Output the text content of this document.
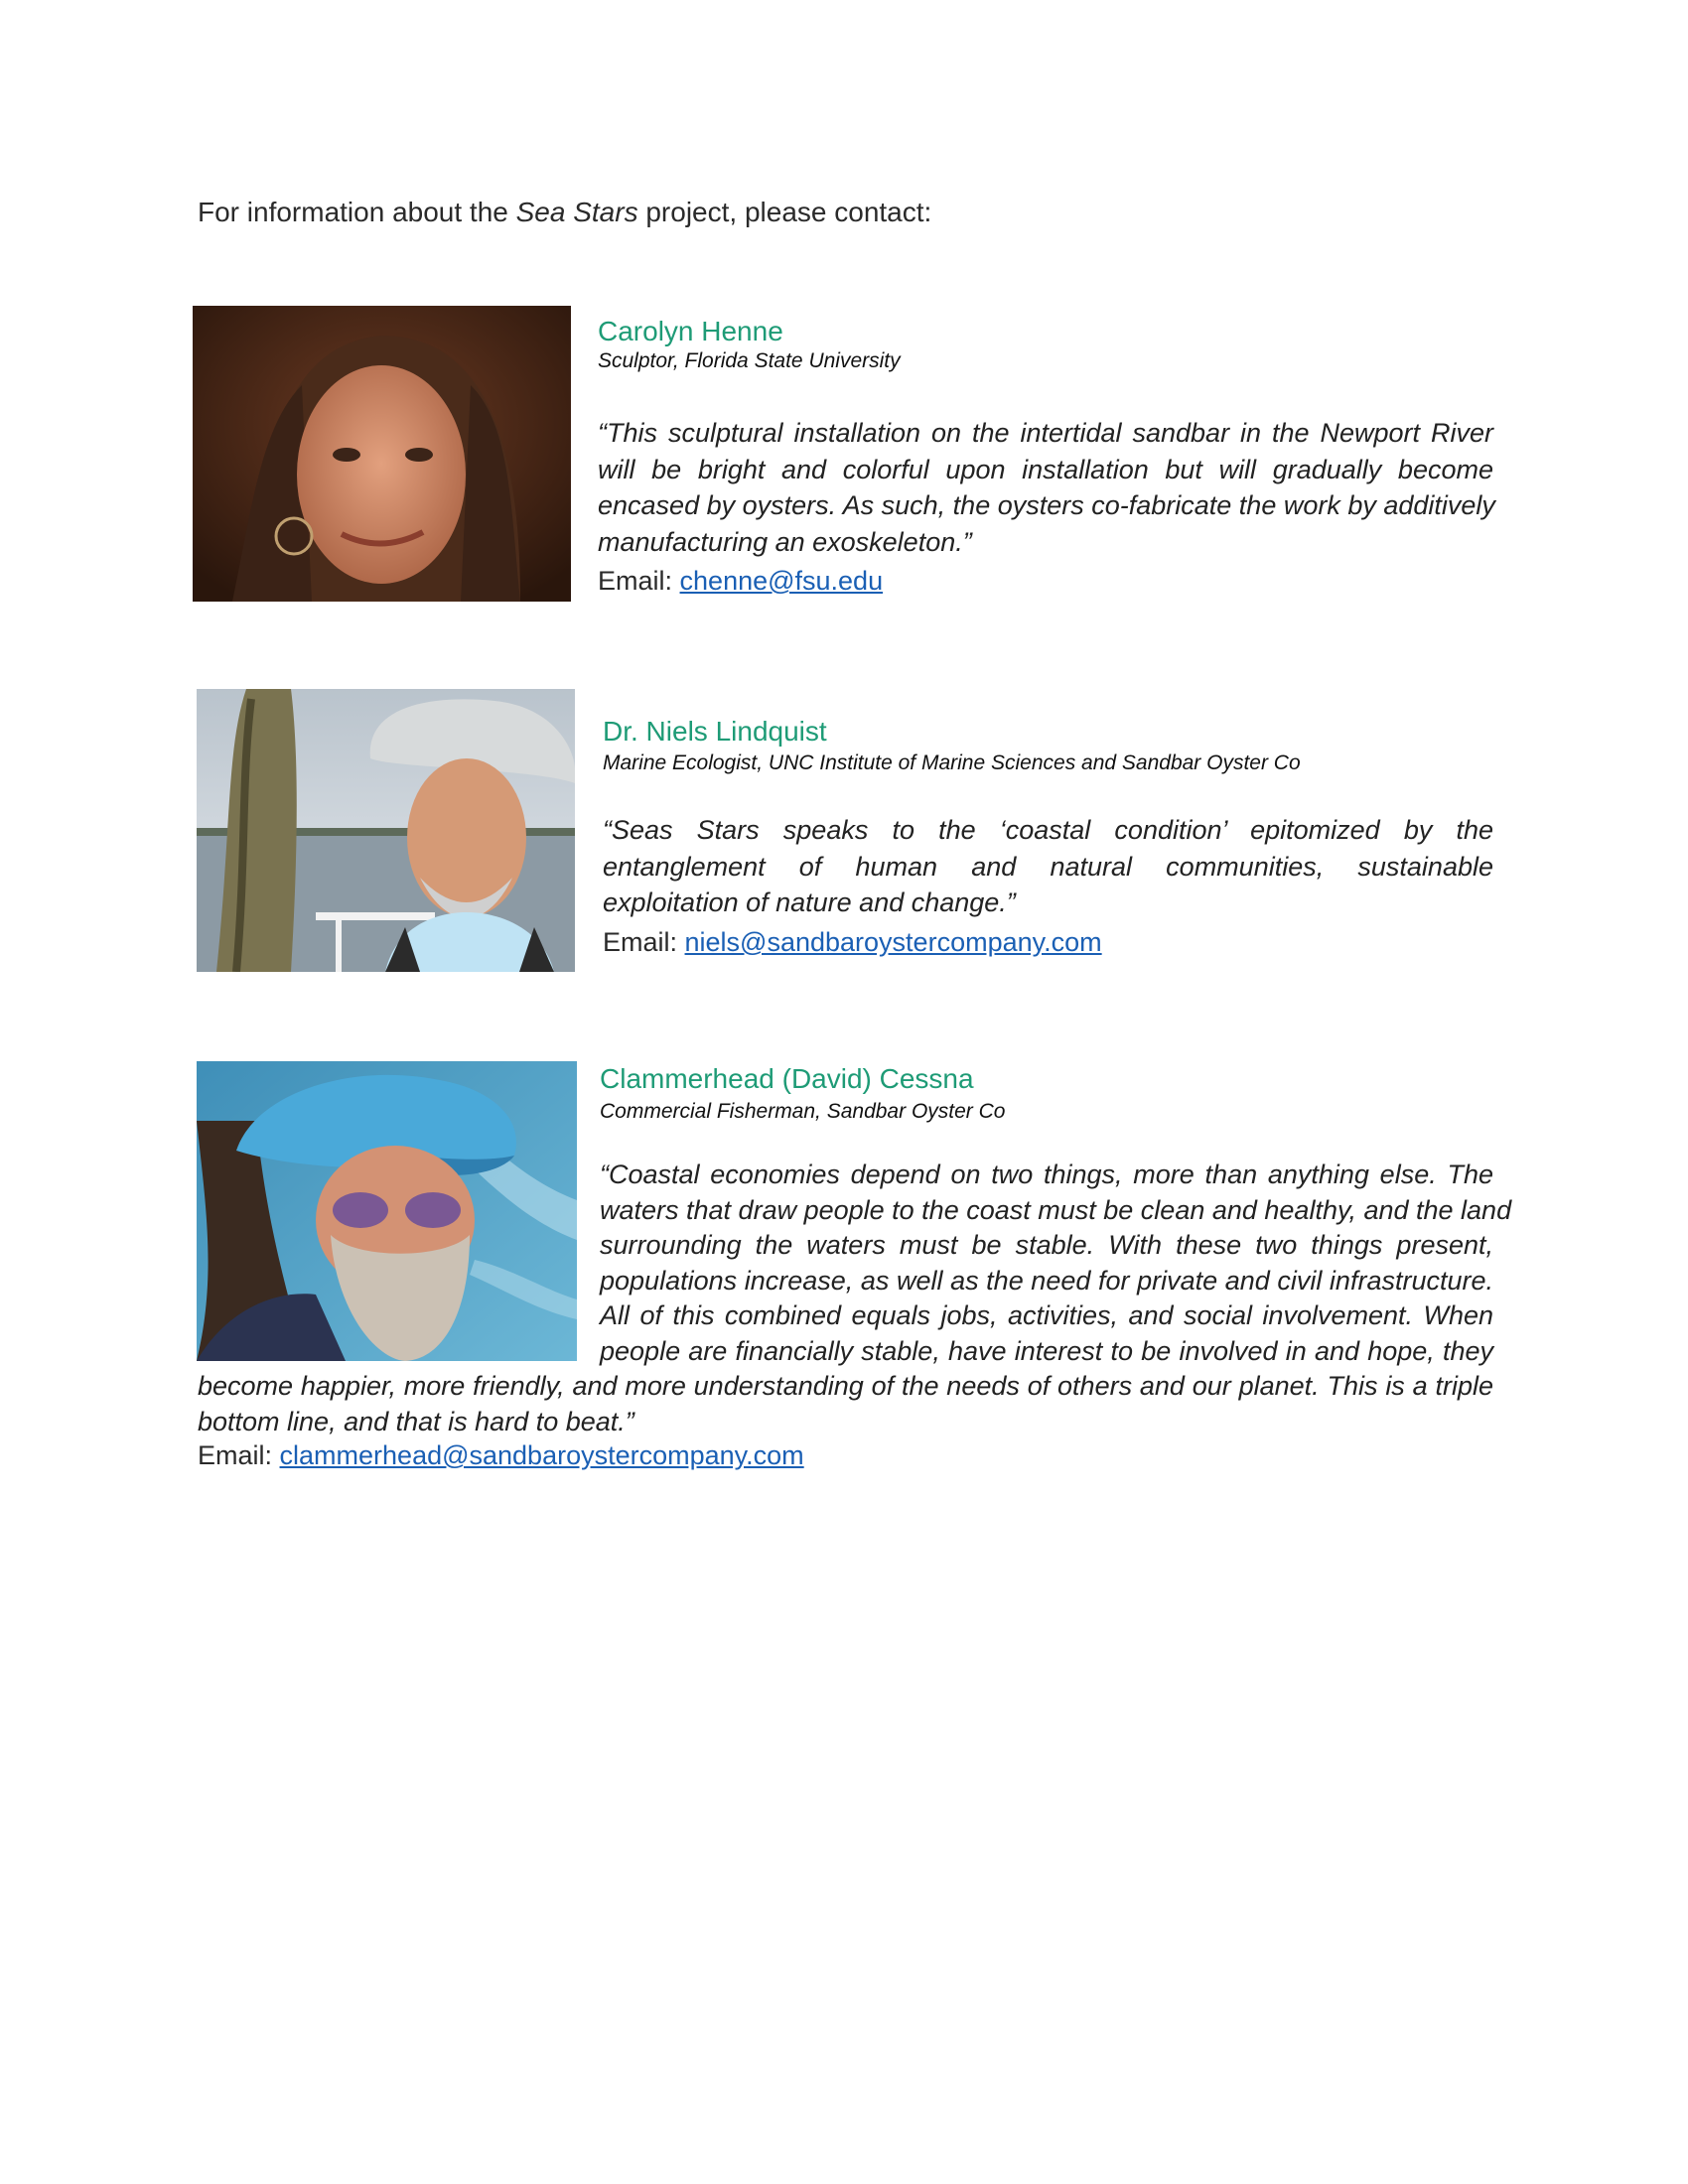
For information about the Sea Stars project, please contact:
Carolyn Henne
Sculptor, Florida State University
“This sculptural installation on the intertidal sandbar in the Newport River
will be bright and colorful upon installation but will gradually become
encased by oysters. As such, the oysters co-fabricate the work by additively
manufacturing an exoskeleton.”
Email: chenne@fsu.edu
Dr. Niels Lindquist
Marine Ecologist, UNC Institute of Marine Sciences and Sandbar Oyster Co
“Seas Stars speaks to the ‘coastal condition’ epitomized by the
entanglement of human and natural communities, sustainable
exploitation of nature and change.”
Email: niels@sandbaroystercompany.com
Clammerhead (David) Cessna
Commercial Fisherman, Sandbar Oyster Co
“Coastal economies depend on two things, more than anything else. The
waters that draw people to the coast must be clean and healthy, and the land
surrounding the waters must be stable. With these two things present,
populations increase, as well as the need for private and civil infrastructure.
All of this combined equals jobs, activities, and social involvement. When
people are financially stable, have interest to be involved in and hope, they
become happier, more friendly, and more understanding of the needs of others and our planet. This is a triple
bottom line, and that is hard to beat.”
Email: clammerhead@sandbaroystercompany.com
